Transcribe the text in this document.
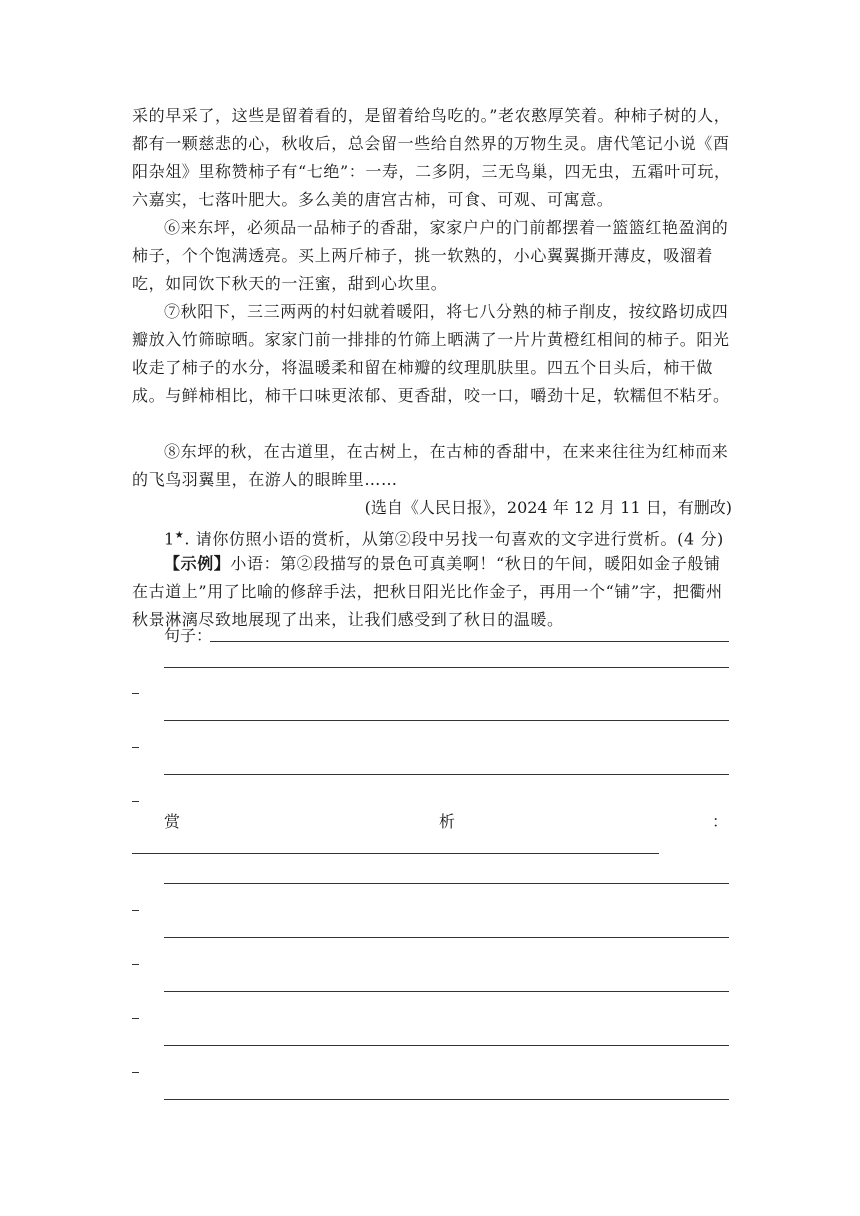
采的早采了，这些是留着看的，是留着给鸟吃的。”老农憨厚笑着。种柿子树的人，都有一颗慈悲的心，秋收后，总会留一些给自然界的万物生灵。唐代笔记小说《酉阳杂俎》里称赞柿子有“七绝”：一寿，二多阴，三无鸟巢，四无虫，五霜叶可玩，六嘉实，七落叶肥大。多么美的唐宫古柿，可食、可观、可寓意。
⑥来东坪，必须品一品柿子的香甜，家家户户的门前都摆着一篮篮红艳盈润的柿子，个个饱满透亮。买上两斤柿子，挑一软熟的，小心翼翼撕开薄皮，吸溜着吃，如同饮下秋天的一汪蜜，甜到心坎里。
⑦秋阳下，三三两两的村妇就着暖阳，将七八分熟的柿子削皮，按纹路切成四瓣放入竹筛晾晒。家家门前一排排的竹筛上晒满了一片片黄橙红相间的柿子。阳光收走了柿子的水分，将温暖柔和留在柿瓣的纹理肌肤里。四五个日头后，柿干做成。与鲜柿相比，柿干口味更浓郁、更香甜，咬一口，嚼劲十足，软糯但不粘牙。
⑧东坪的秋，在古道里，在古树上，在古柿的香甜中，在来来往往为红柿而来的飞鸟羽翼里，在游人的眼眸里……
(选自《人民日报》，2024 年 12 月 11 日，有删改)
1★. 请你仿照小语的赏析，从第②段中另找一句喜欢的文字进行赏析。(4 分)
【示例】小语：第②段描写的景色可真美啊！“秋日的午间，暖阳如金子般铺在古道上”用了比喻的修辞手法，把秋日阳光比作金子，再用一个“铺”字，把衢州秋景淋漓尽致地展现了出来，让我们感受到了秋日的温暖。
句子：
赏	析	：
